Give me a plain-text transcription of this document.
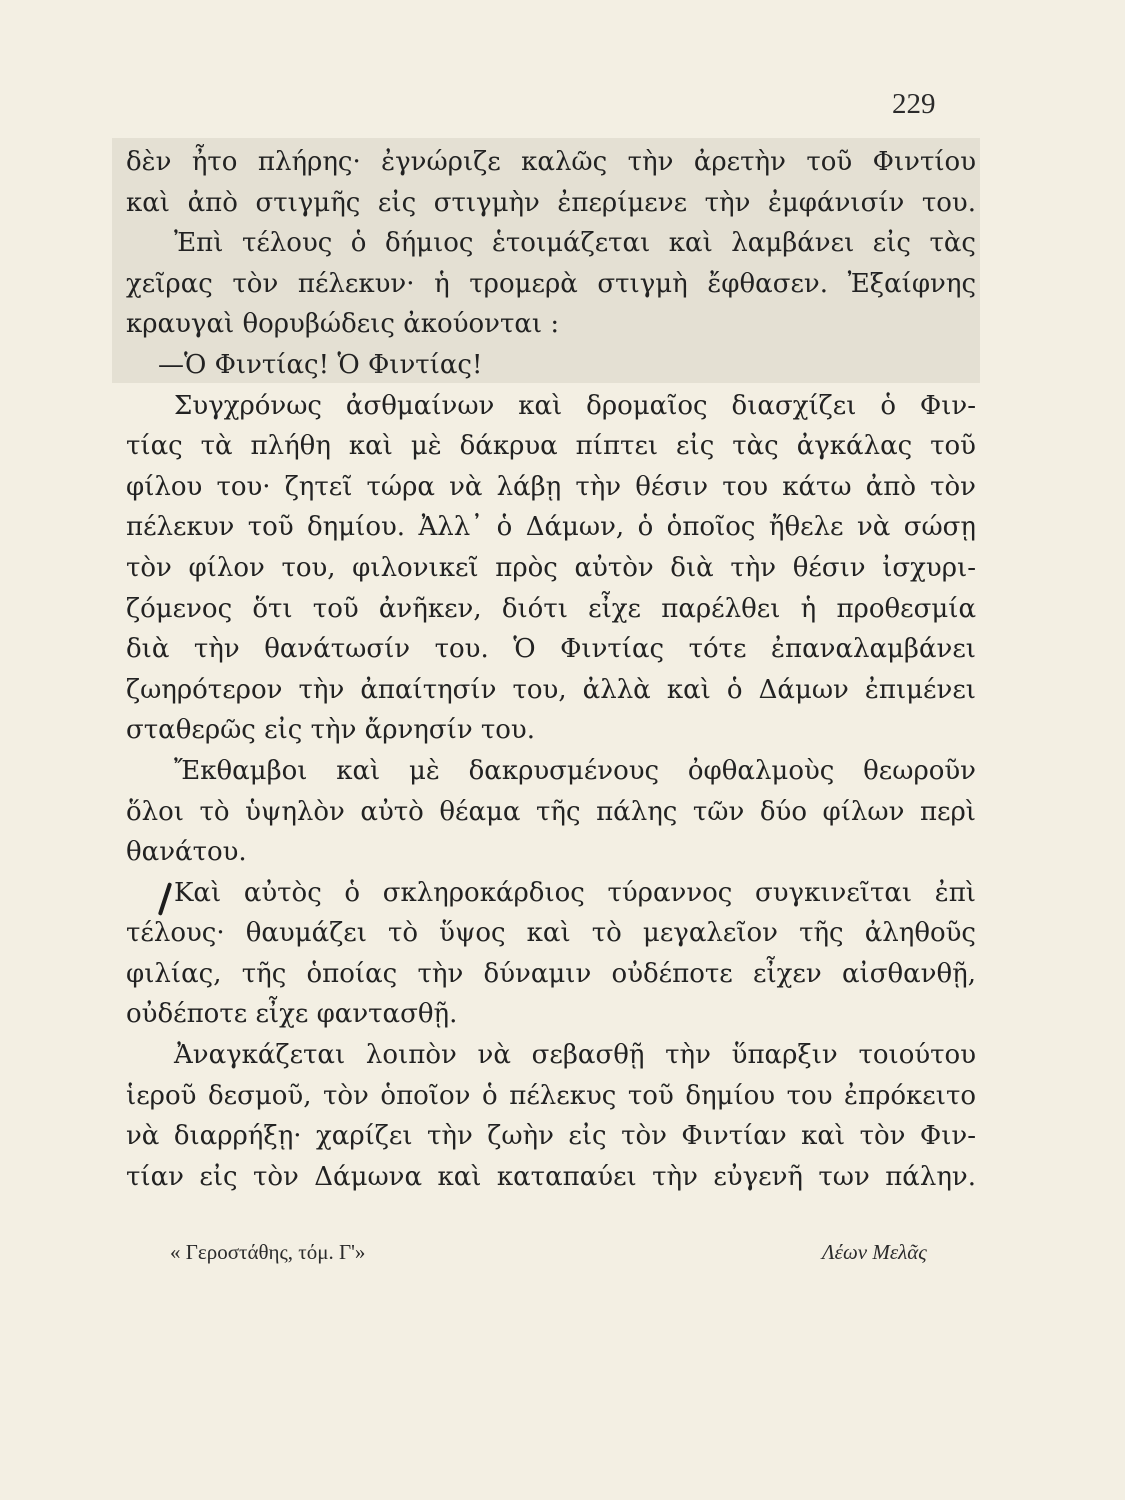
229
δὲν ἦτο πλήρης· ἐγνώριζε καλῶς τὴν ἀρετὴν τοῦ Φιντίου
καὶ ἀπὸ στιγμῆς εἰς στιγμὴν ἐπερίμενε τὴν ἐμφάνισίν του.
Ἐπὶ τέλους ὁ δήμιος ἑτοιμάζεται καὶ λαμβάνει εἰς τὰς
χεῖρας τὸν πέλεκυν· ἡ τρομερὰ στιγμὴ ἔφθασεν. Ἐξαίφνης
κραυγαὶ θορυβώδεις ἀκούονται :
—Ὁ Φιντίας! Ὁ Φιντίας!
Συγχρόνως ἀσθμαίνων καὶ δρομαῖος διασχίζει ὁ Φιν-
τίας τὰ πλήθη καὶ μὲ δάκρυα πίπτει εἰς τὰς ἀγκάλας τοῦ
φίλου του· ζητεῖ τώρα νὰ λάβῃ τὴν θέσιν του κάτω ἀπὸ τὸν
πέλεκυν τοῦ δημίου. Ἀλλ᾽ ὁ Δάμων, ὁ ὁποῖος ἤθελε νὰ σώσῃ
τὸν φίλον του, φιλονικεῖ πρὸς αὐτὸν διὰ τὴν θέσιν ἰσχυρι-
ζόμενος ὅτι τοῦ ἀνῆκεν, διότι εἶχε παρέλθει ἡ προθεσμία
διὰ τὴν θανάτωσίν του. Ὁ Φιντίας τότε ἐπαναλαμβάνει
ζωηρότερον τὴν ἀπαίτησίν του, ἀλλὰ καὶ ὁ Δάμων ἐπιμένει
σταθερῶς εἰς τὴν ἄρνησίν του.
Ἔκθαμβοι καὶ μὲ δακρυσμένους ὀφθαλμοὺς θεωροῦν
ὅλοι τὸ ὑψηλὸν αὐτὸ θέαμα τῆς πάλης τῶν δύο φίλων περὶ
θανάτου.
Καὶ αὐτὸς ὁ σκληροκάρδιος τύραννος συγκινεῖται ἐπὶ
τέλους· θαυμάζει τὸ ὕψος καὶ τὸ μεγαλεῖον τῆς ἀληθοῦς
φιλίας, τῆς ὁποίας τὴν δύναμιν οὐδέποτε εἶχεν αἰσθανθῇ,
οὐδέποτε εἶχε φαντασθῇ.
Ἀναγκάζεται λοιπὸν νὰ σεβασθῇ τὴν ὕπαρξιν τοιούτου
ἱεροῦ δεσμοῦ, τὸν ὁποῖον ὁ πέλεκυς τοῦ δημίου του ἐπρόκειτο
νὰ διαρρήξῃ· χαρίζει τὴν ζωὴν εἰς τὸν Φιντίαν καὶ τὸν Φιν-
τίαν εἰς τὸν Δάμωνα καὶ καταπαύει τὴν εὐγενῆ των πάλην.
« Γεροστάθης, τόμ. Γ'»	Λέων Μελᾶς
